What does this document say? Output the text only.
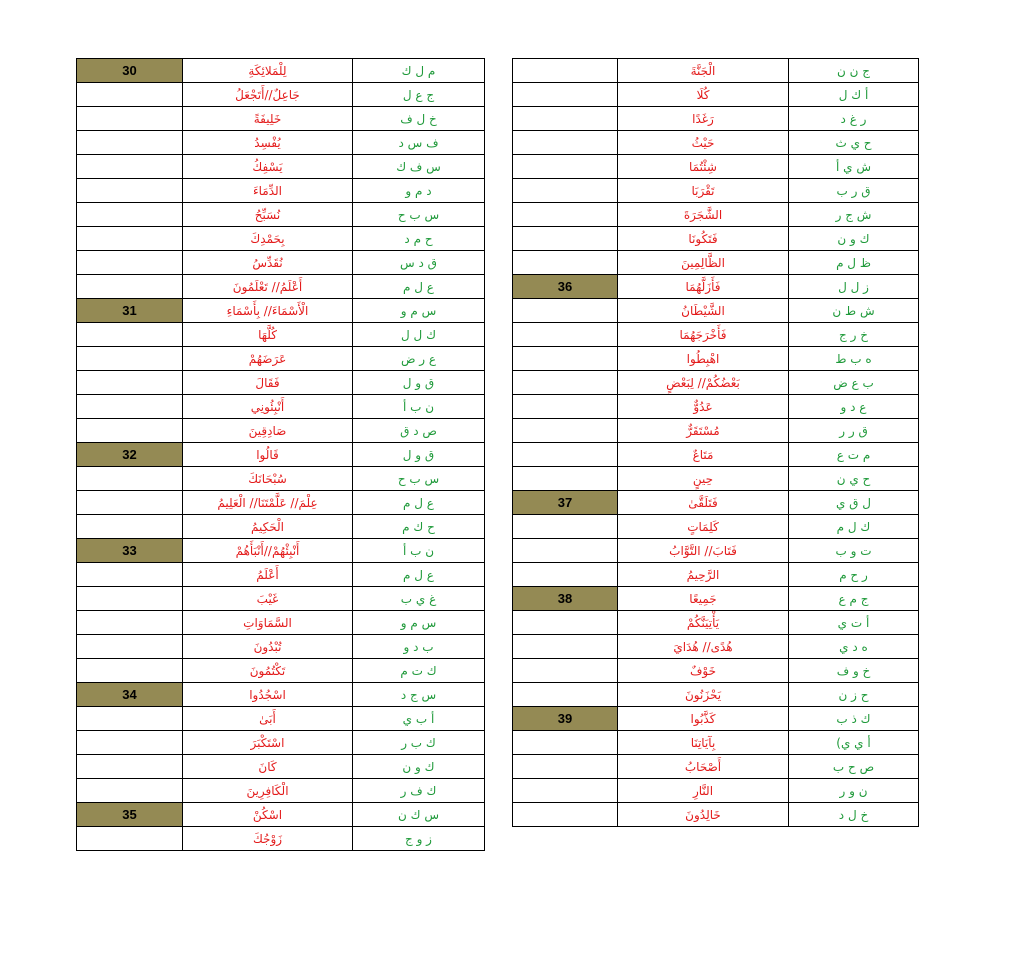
30	لِلْمَلائِكَةِ	م ل ك
	جَاعِلٌ//أَتَجْعَلُ	ج ع ل
	خَلِيفَةً	خ ل ف
	يُفْسِدُ	ف س د
	يَسْفِكُ	س ف ك
	الدِّمَاءَ	د م و
	نُسَبِّحُ	س ب ح
	بِحَمْدِكَ	ح م د
	نُقَدِّسُ	ق د س
	أَعْلَمُ// تَعْلَمُونَ	ع ل م
31	الْأَسْمَاءَ// بِأَسْمَاءِ	س م و
	كُلَّهَا	ك ل ل
	عَرَضَهُمْ	ع ر ض
	فَقَالَ	ق و ل
	أَنْبِئُونِي	ن ب أ
	صَادِقِينَ	ص د ق
32	قَالُوا	ق و ل
	سُبْحَانَكَ	س ب ح
	عِلْمَ// عَلَّمْتَنَا// الْعَلِيمُ	ع ل م
	الْحَكِيمُ	ح ك م
33	أَنْبِئْهُمْ//أَنْبَأَهُمْ	ن ب أ
	أَعْلَمُ	ع ل م
	غَيْبَ	غ ي ب
	السَّمَاوَاتِ	س م و
	تُبْدُونَ	ب د و
	تَكْتُمُونَ	ك ت م
34	اسْجُدُوا	س ج د
	أَبَىٰ	أ ب ي
	اسْتَكْبَرَ	ك ب ر
	كَانَ	ك و ن
	الْكَافِرِينَ	ك ف ر
35	اسْكُنْ	س ك ن
	زَوْجُكَ	ز و ج
	الْجَنَّةَ	ج ن ن
	كُلَا	أ ك ل
	رَغَدًا	ر غ د
	حَيْثُ	ح ي ث
	شِئْتُمَا	ش ي أ
	تَقْرَبَا	ق ر ب
	الشَّجَرَةَ	ش ج ر
	فَتَكُونَا	ك و ن
	الظَّالِمِينَ	ظ ل م
36	فَأَزَلَّهُمَا	ز ل ل
	الشَّيْطَانُ	ش ط ن
	فَأَخْرَجَهُمَا	خ ر ج
	اهْبِطُوا	ه ب ط
	بَعْضُكُمْ// لِبَعْضٍ	ب ع ض
	عَدُوٌّ	ع د و
	مُسْتَقَرٌّ	ق ر ر
	مَتَاعٌ	م ت ع
	حِينٍ	ح ي ن
37	فَتَلَقَّىٰ	ل ق ي
	كَلِمَاتٍ	ك ل م
	فَتَابَ// التَّوَّابُ	ت و ب
	الرَّحِيمُ	ر ح م
38	جَمِيعًا	ج م ع
	يَأْتِيَنَّكُمْ	أ ت ي
	هُدًى// هُدَايَ	ه د ي
	خَوْفٌ	خ و ف
	يَحْزَنُونَ	ح ز ن
39	كَذَّبُوا	ك ذ ب
	بِآيَاتِنَا	أ ي ي)
	أَصْحَابُ	ص ح ب
	النَّارِ	ن و ر
	خَالِدُونَ	خ ل د
